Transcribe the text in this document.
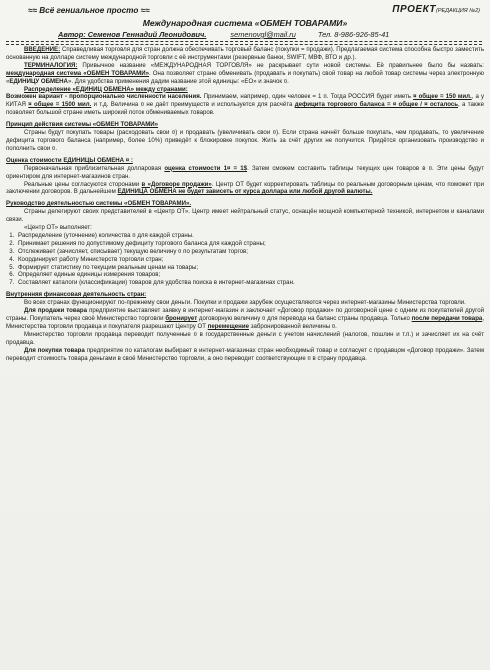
≈≈ Всё гениальное просто ≈≈	ПРОЕКТ(РЕДАКЦИЯ №2)
Международная система «ОБМЕН ТОВАРАМИ»
Автор: Семенов Геннадий Леонидович.	semenovgl@mail.ru	Тел. 8-986-926-85-41

ВВЕДЕНИЕ: Справедливая торговля для стран должна обеспечивать торговый баланс (покупки = продажи). Предлагаемая система способна быстро заместить основанную на долларе систему международной торговли с её инструментами (резервные банки, SWIFT, МВФ, ВТО и др.).

ТЕРМИНАЛОГИЯ: Привычное название «МЕЖДУНАРОДНАЯ ТОРГОВЛЯ» не раскрывает сути новой системы. Её правильнее было бы назвать: международная система «ОБМЕН ТОВАРАМИ». Она позволяет стране обменивать (продавать и покупать) свой товар на любой товар системы через электронную «ЕДИНИЦУ ОБМЕНА». Для удобства применения дадим название этой единицы: «ЕО» и значок ¤.

Распределение «ЕДИНИЦ ОБМЕНА» между странами:

Возможен вариант - пропорционально численности населения. Принимаем, например, один человек = 1 ¤. Тогда РОССИЯ будет иметь ¤ общее = 150 мил., а у КИТАЯ ¤ общее = 1500 мил. и т.д. Величина ¤ не даёт преимуществ и используется для расчёта дефицита торгового баланса = ¤ общее / ¤ осталось, а также позволяет большой стране иметь широкий поток обмениваемых товаров.

Принцип действия системы «ОБМЕН ТОВАРАМИ»

Страны будут покупать товары (расходовать свои ¤) и продавать (увеличивать свои ¤). Если страна начнёт больше покупать, чем продавать, то увеличение дефицита торгового баланса (например, более 10%) приведёт к блокировке покупок. Жить за счёт других не получится. Придётся организовать производство и пополнить свои ¤.

Оценка стоимости ЕДИНИЦЫ ОБМЕНА ¤ :

Первоначальная приблизительная долларовая оценка стоимости 1¤ = 1$. Затем сможем составить таблицы текущих цен товаров в ¤. Эти цены будут ориентиром для интернет-магазинов стран.

Реальные цены согласуются сторонами в «Договоре продажи». Центр ОТ будет корректировать таблицы по реальным договорным ценам, что поможет при заключении договоров. В дальнейшем ЕДИНИЦА ОБМЕНА не будет зависеть от курса доллара или любой другой валюты.

Руководство деятельностью системы «ОБМЕН ТОВАРАМИ».

Страны делегируют своих представителей в «Центр ОТ». Центр имеет нейтральный статус, оснащён мощной компьютерной техникой, интернетом и каналами связи.

«Центр ОТ» выполняет:

1. Распределение (уточнение) количества ¤ для каждой страны.
2. Принимает решения по допустимому дефициту торгового баланса для каждой страны;
3. Отслеживает (зачисляет, списывает) текущую величину ¤ по результатам торгов;
4. Координирует работу Министерств торговли стран;
5. Формирует статистику по текущим реальным ценам на товары;
6. Определяет единые единицы измерения товаров;
7. Составляет каталоги (классификации) товаров для удобства поиска в интернет-магазинах стран.

Внутренняя финансовая деятельность стран:

Во всех странах функционируют по-прежнему свои деньги. Покупки и продажи зарубеж осуществляются через интернет-магазины Министерства торговли.

Для продажи товара предприятие выставляет заявку в интернет-магазин и заключает «Договор продажи» по договорной цене с одним из покупателей другой страны. Покупатель через своё Министерство торговли бронирует договорную величину ¤ для перевода на баланс страны продавца. Только после передачи товара, Министерства торговли продавца и покупателя разрешают Центру ОТ перемещение забронированной величины ¤.

Министерство торговли продавца переводит полученные ¤ в государственные деньги с учетом начислений (налогов, пошлин и т.п.) и зачисляет их на счёт продавца.

Для покупки товара предприятие по каталогам выбирает в интернет-магазинах стран необходимый товар и согласует с продавцом «Договор продажи». Затем переводит стоимость товара деньгами в своё Министерство торговли, а оно переводит соответствующие ¤ в страну продавца.
